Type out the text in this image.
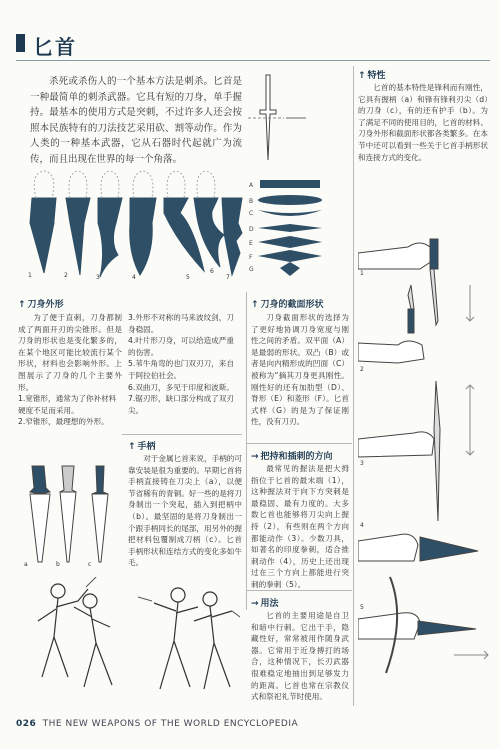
匕首
杀死或杀伤人的一个基本方法是刺杀。匕首是一种最简单的刺杀武器。它具有短的刀身，单手握持。最基本的使用方式是突刺，不过许多人还会按照本民族特有的刀法技艺采用砍、割等动作。作为人类的一种基本武器，它从石器时代起就广为流传，而且出现在世界的每一个角落。
1	2	3	4	5
6
7
A
B
C
D
E
F
G
↑ 特性
匕首的基本特性是锋利而有刚性，它具有握柄（a）和锋有锋利刃尖（d）的刀身（c），有的还有护手（b）。为了满足不同的使用目的，匕首的材料、刀身外形和截面形状都各类繁多。在本节中还可以看到一些关于匕首手柄形状和连接方式的变化。
↑ 刀身外形
为了便于直刺，刀身都制成了两面开刃的尖锥形。但是刀身的形状也是变化繁多的，在某个地区可能比较流行某个形状，材料也会影响外形。上图展示了刀身的几个主要外形。
1.宽锥形，通常为了你补材料硬度不足而采用。
2.窄锥形，最理想的外形。
3.外形不对称的马来波纹剑，刀身稳固。
4.叶片形刀身，可以给造成严重的伤害。
5.苇牛角弯的也门双刃刀，来自于阿拉伯社会。
6.双曲刀，多见于印度和波斯。
7.锯刃形，缺口部分构成了双刃尖。
↑ 刀身的截面形状
刀身截面形状的选择为了更好地协调刀身宽度与刚性之间的矛盾。双平面（A）是最弱的形状。双凸（B）或者是向内精形成的凹面（C）被称为“摘其刀身更具刚性。刚性好的还有加肋型（D）、脊形（E）和菱形（F）。匕首式样（G）的是为了保证刚性，没有刀刃。
↑ 手柄
对于金属匕首来说，手柄的可靠安装是很为重要的。早期匕首将手柄直接铸在刀尖上（a），以便节省稀有的青铜。好一些的是将刀身制出一个突起，插入到把柄中（b）。最坚固的是将刀身制出一个跟手柄同长的尾部，用另外的握把材料包覆制成刀柄（c）。匕首手柄形状和连结方式的变化多如牛毛。
a	b	c
→ 把持和插刺的方向
最常见的握法是把大拇指位于匕首的最末端（1），这种握法对于向下方突刺是最稳固、最有力度的。大多数匕首也能够将刀尖向上握持（2），有些则在两个方向都能动作（3）。少数刀具，如著名的印度拳刺，适合推刺动作（4），历史上还出现过在三个方向上都能进行突刺的拳刺（5）。
→ 用法
匕首的主要用途是自卫和暗中行刺。它出于手，隐藏性好，常常被用作随身武器。它常用于近身搏打的场合，这种情况下，长刃武器很难稳定地抽出到足够发力的距离。匕首也常在宗教仪式和祭祀礼节时使用。
1
2
3
4
5
026 THE NEW WEAPONS OF THE WORLD ENCYCLOPEDIA
